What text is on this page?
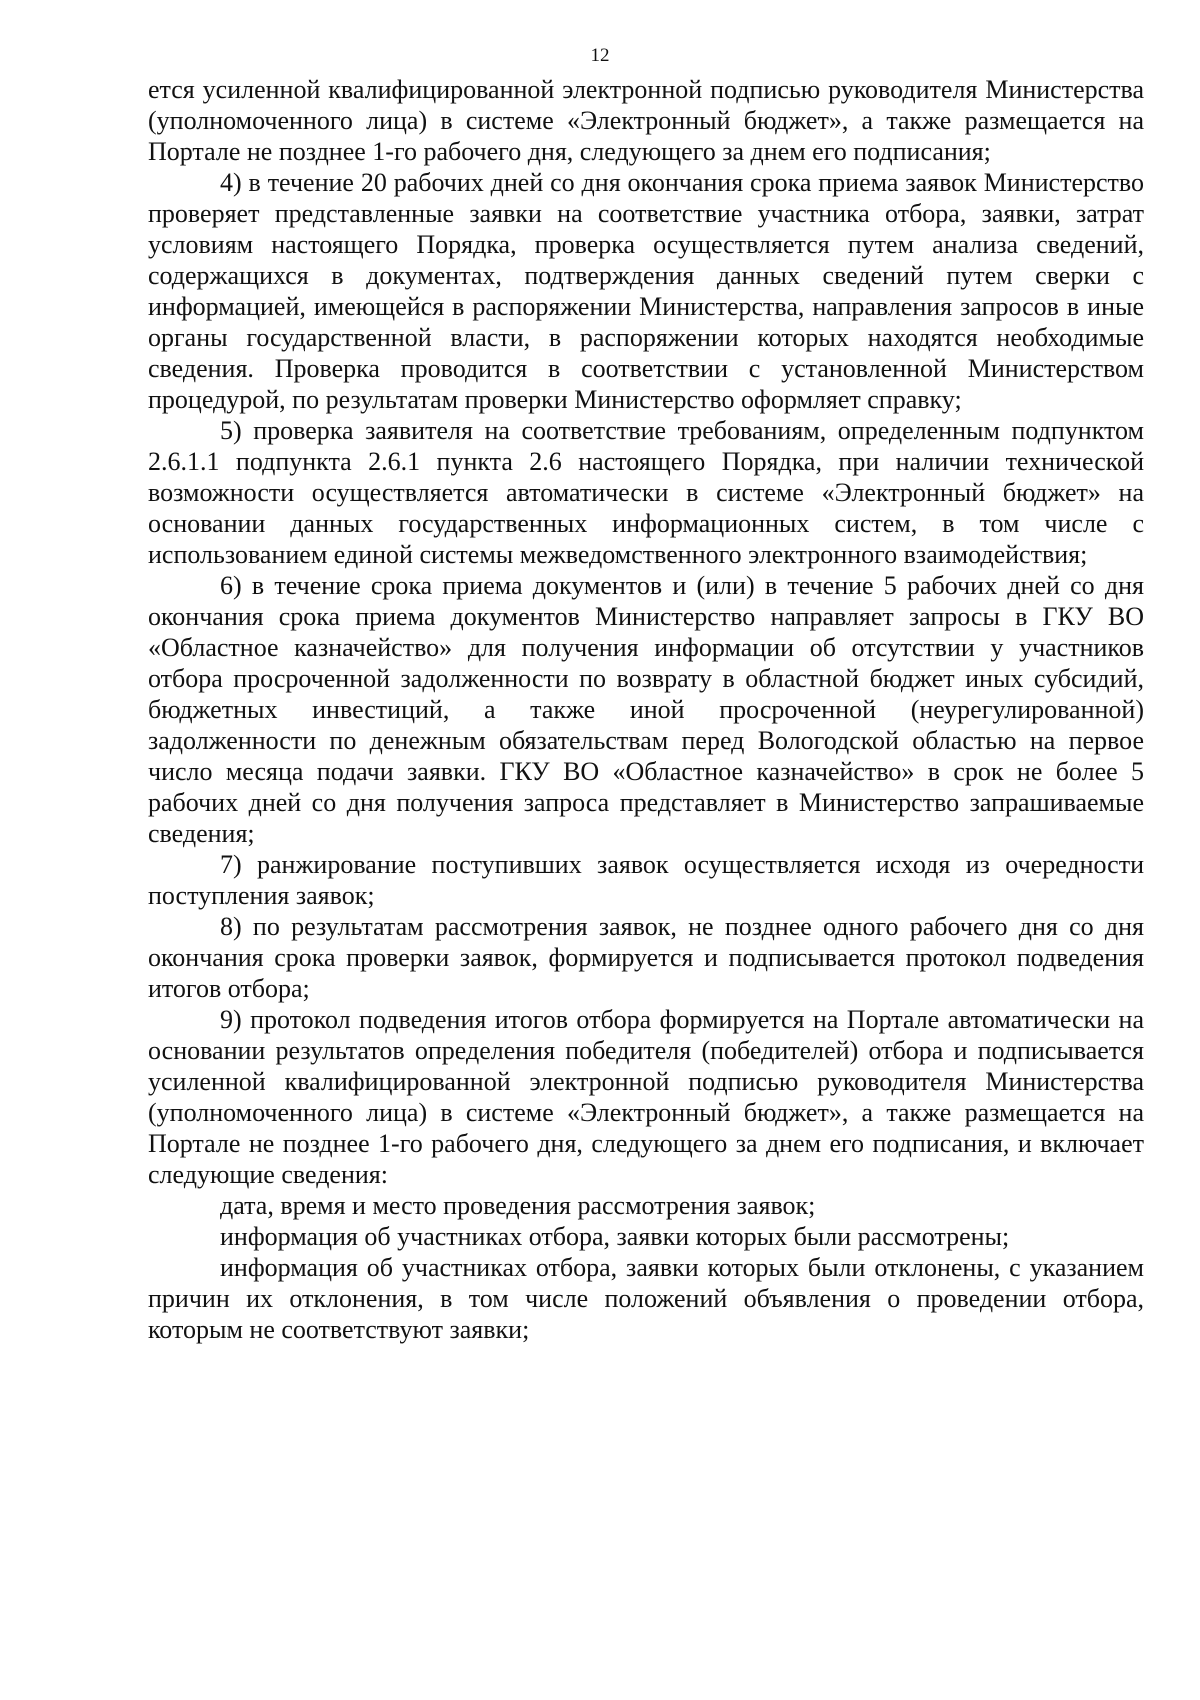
12

ется усиленной квалифицированной электронной подписью руководителя Министерства (уполномоченного лица) в системе «Электронный бюджет», а также размещается на Портале не позднее 1-го рабочего дня, следующего за днем его подписания;

4) в течение 20 рабочих дней со дня окончания срока приема заявок Министерство проверяет представленные заявки на соответствие участника отбора, заявки, затрат условиям настоящего Порядка, проверка осуществляется путем анализа сведений, содержащихся в документах, подтверждения данных сведений путем сверки с информацией, имеющейся в распоряжении Министерства, направления запросов в иные органы государственной власти, в распоряжении которых находятся необходимые сведения. Проверка проводится в соответствии с установленной Министерством процедурой, по результатам проверки Министерство оформляет справку;

5) проверка заявителя на соответствие требованиям, определенным подпунктом 2.6.1.1 подпункта 2.6.1 пункта 2.6 настоящего Порядка, при наличии технической возможности осуществляется автоматически в системе «Электронный бюджет» на основании данных государственных информационных систем, в том числе с использованием единой системы межведомственного электронного взаимодействия;

6) в течение срока приема документов и (или) в течение 5 рабочих дней со дня окончания срока приема документов Министерство направляет запросы в ГКУ ВО «Областное казначейство» для получения информации об отсутствии у участников отбора просроченной задолженности по возврату в областной бюджет иных субсидий, бюджетных инвестиций, а также иной просроченной (неурегулированной) задолженности по денежным обязательствам перед Вологодской областью на первое число месяца подачи заявки. ГКУ ВО «Областное казначейство» в срок не более 5 рабочих дней со дня получения запроса представляет в Министерство запрашиваемые сведения;

7) ранжирование поступивших заявок осуществляется исходя из очередности поступления заявок;

8) по результатам рассмотрения заявок, не позднее одного рабочего дня со дня окончания срока проверки заявок, формируется и подписывается протокол подведения итогов отбора;

9) протокол подведения итогов отбора формируется на Портале автоматически на основании результатов определения победителя (победителей) отбора и подписывается усиленной квалифицированной электронной подписью руководителя Министерства (уполномоченного лица) в системе «Электронный бюджет», а также размещается на Портале не позднее 1-го рабочего дня, следующего за днем его подписания, и включает следующие сведения:

дата, время и место проведения рассмотрения заявок;

информация об участниках отбора, заявки которых были рассмотрены;

информация об участниках отбора, заявки которых были отклонены, с указанием причин их отклонения, в том числе положений объявления о проведении отбора, которым не соответствуют заявки;
